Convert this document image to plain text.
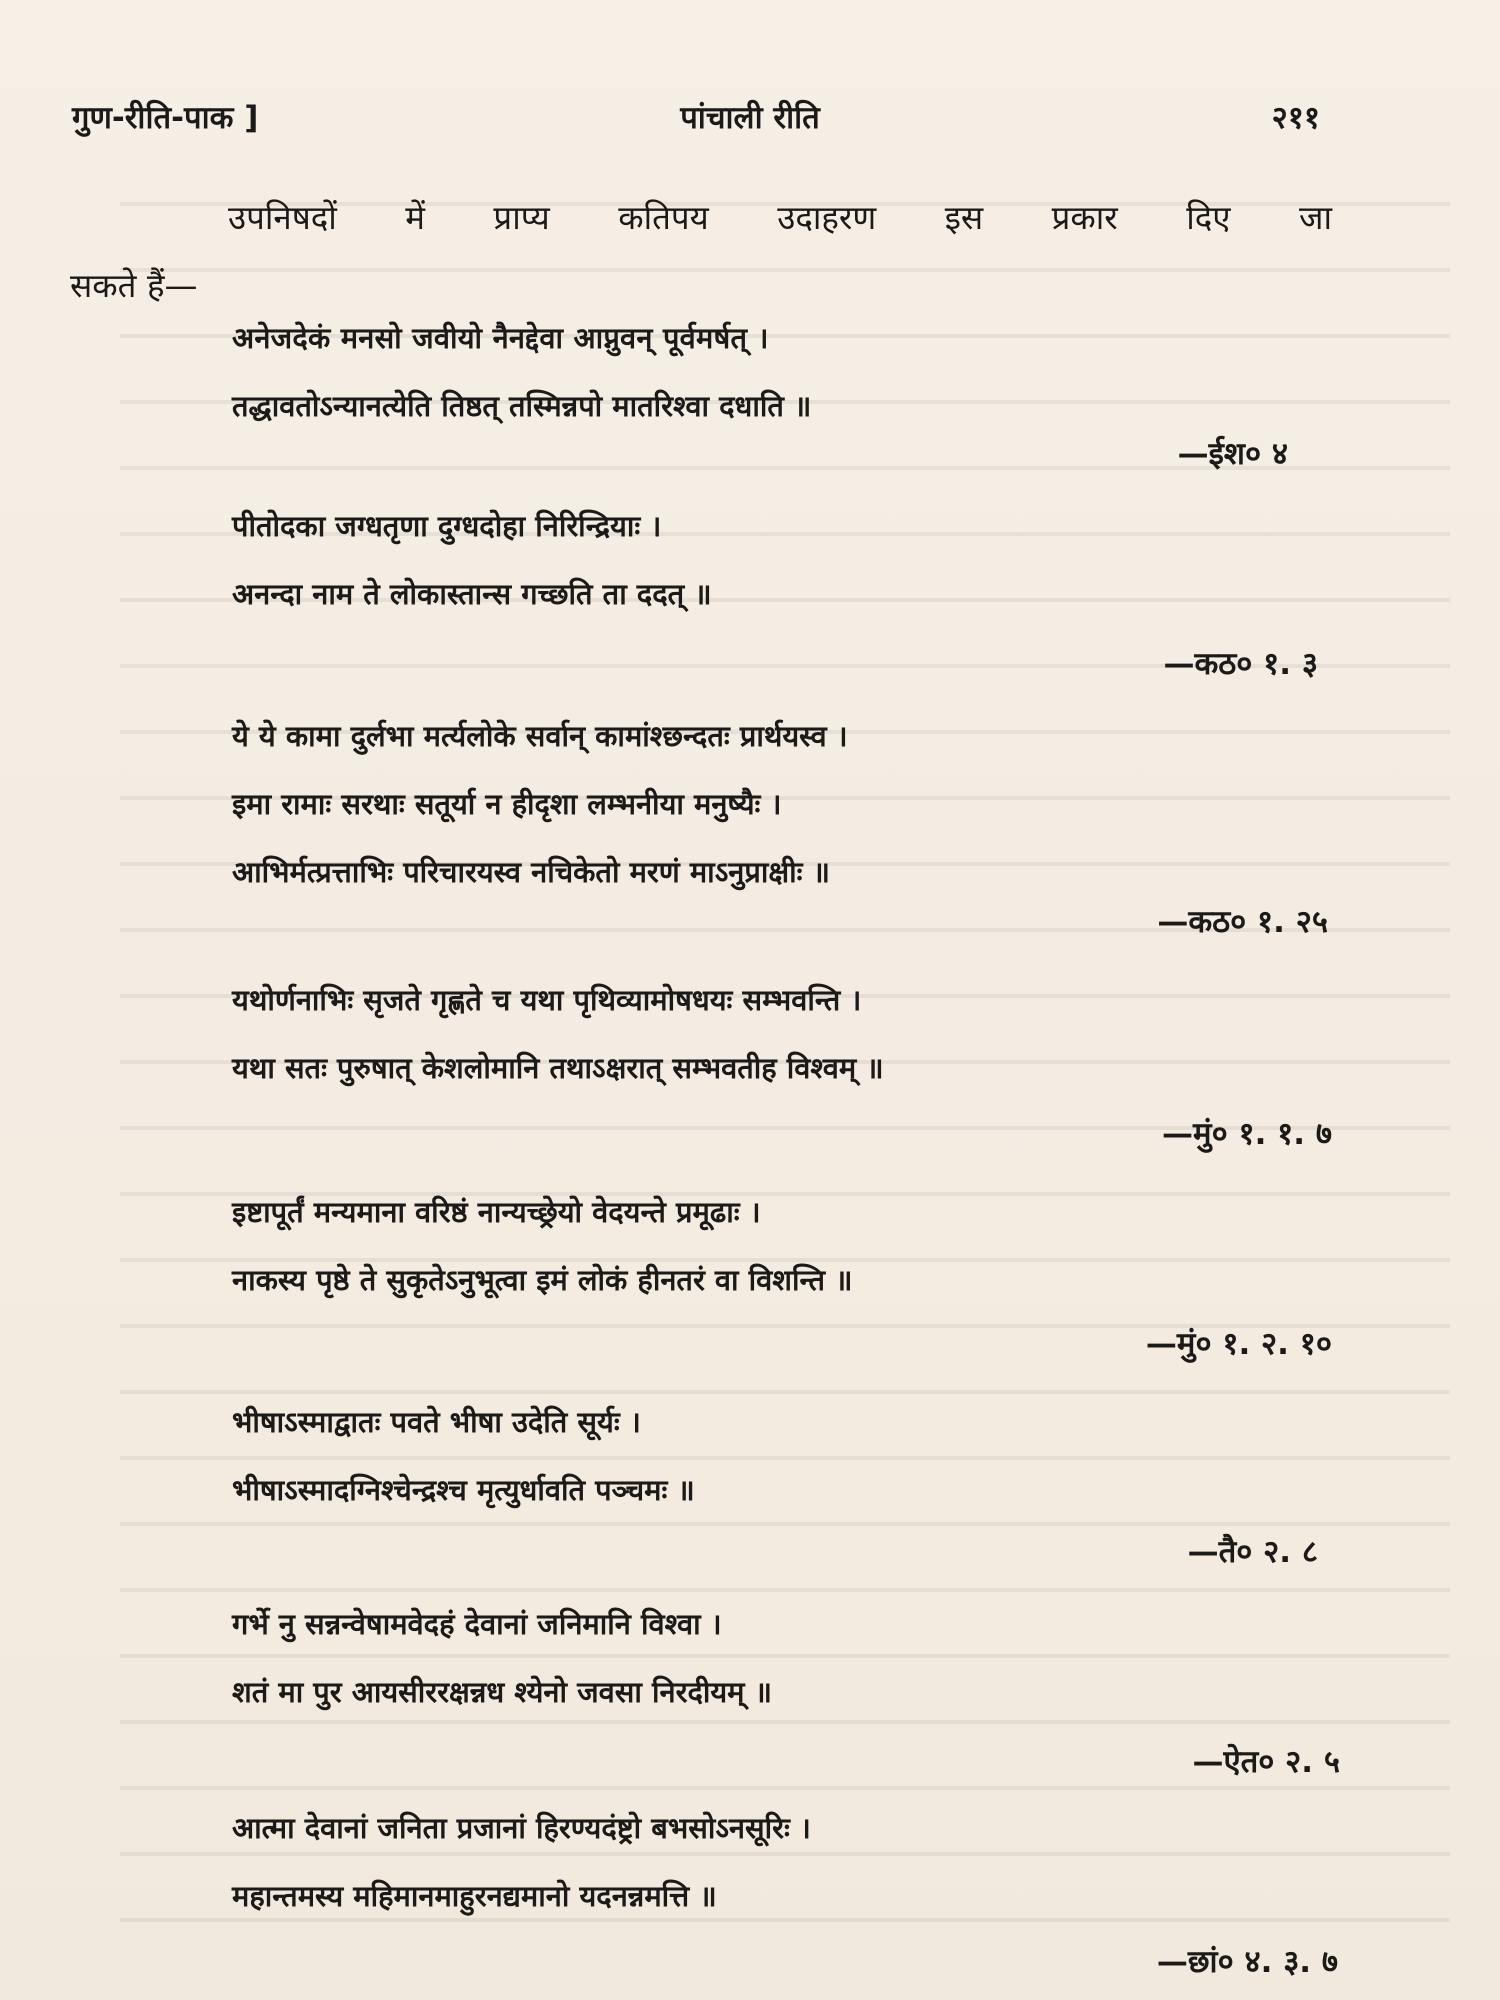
गुण-रीति-पाक ]	पांचाली रीति	२११
उपनिषदों में प्राप्य कतिपय उदाहरण इस प्रकार दिए जा
सकते हैं—
अनेजदेकं मनसो जवीयो नैनद्देवा आप्नुवन् पूर्वमर्षत् ।
तद्धावतोऽन्यानत्येति तिष्ठत् तस्मिन्नपो मातरिश्वा दधाति ॥
—ईश० ४
पीतोदका जग्धतृणा दुग्धदोहा निरिन्द्रियाः ।
अनन्दा नाम ते लोकास्तान्स गच्छति ता ददत् ॥
—कठ० १. ३
ये ये कामा दुर्लभा मर्त्यलोके सर्वान् कामांश्छन्दतः प्रार्थयस्व ।
इमा रामाः सरथाः सतूर्या न हीदृशा लम्भनीया मनुष्यैः ।
आभिर्मत्प्रत्ताभिः परिचारयस्व नचिकेतो मरणं माऽनुप्राक्षीः ॥
—कठ० १. २५
यथोर्णनाभिः सृजते गृह्णते च यथा पृथिव्यामोषधयः सम्भवन्ति ।
यथा सतः पुरुषात् केशलोमानि तथाऽक्षरात् सम्भवतीह विश्वम् ॥
—मुं० १. १. ७
इष्टापूर्तं मन्यमाना वरिष्ठं नान्यच्छ्रेयो वेदयन्ते प्रमूढाः ।
नाकस्य पृष्ठे ते सुकृतेऽनुभूत्वा इमं लोकं हीनतरं वा विशन्ति ॥
—मुं० १. २. १०
भीषाऽस्माद्वातः पवते भीषा उदेति सूर्यः ।
भीषाऽस्मादग्निश्चेन्द्रश्च मृत्युर्धावति पञ्चमः ॥
—तै० २. ८
गर्भे नु सन्नन्वेषामवेदहं देवानां जनिमानि विश्वा ।
शतं मा पुर आयसीररक्षन्नध श्येनो जवसा निरदीयम् ॥
—ऐत० २. ५
आत्मा देवानां जनिता प्रजानां हिरण्यदंष्ट्रो बभसोऽनसूरिः ।
महान्तमस्य महिमानमाहुरनद्यमानो यदनन्नमत्ति ॥
—छां० ४. ३. ७
